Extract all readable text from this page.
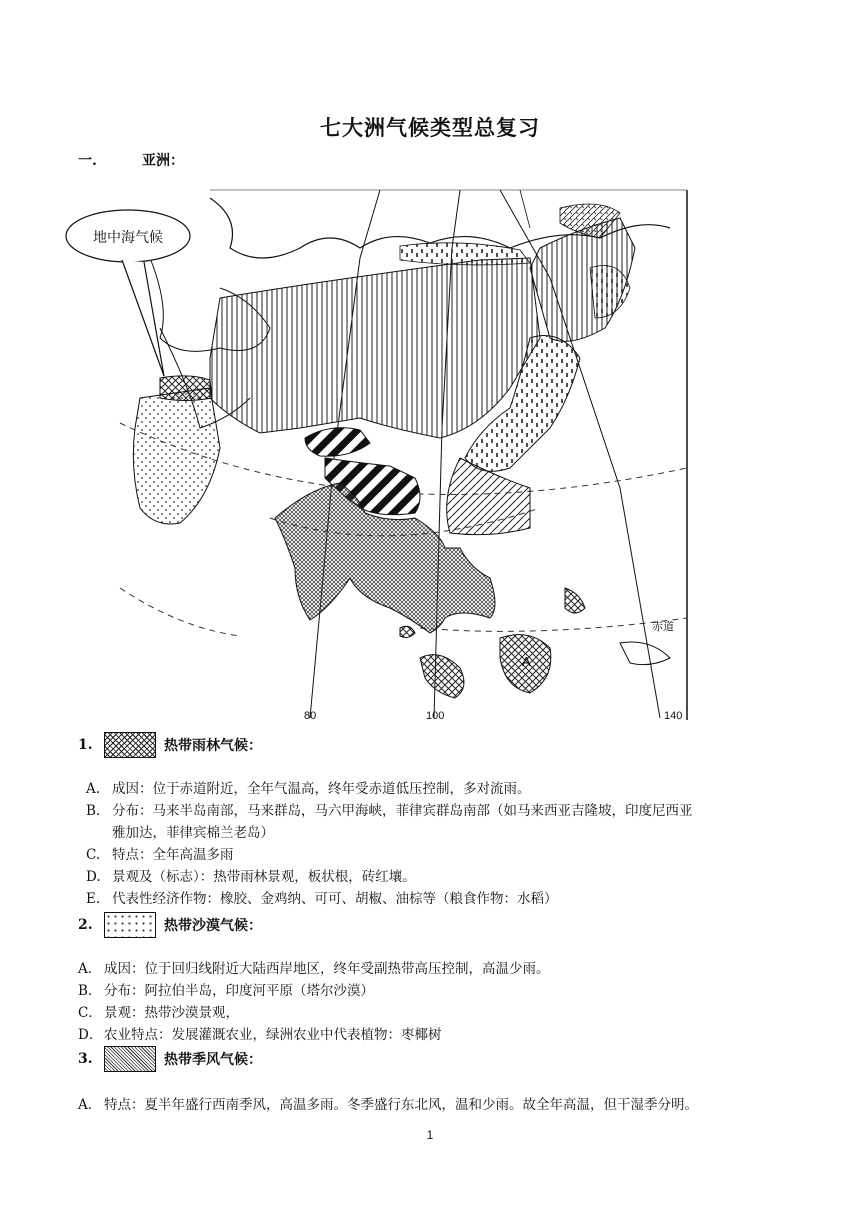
七大洲气候类型总复习
一.	亚洲：
地中海气候
80	100	140
赤道
A
1.	热带雨林气候：
A. 成因：位于赤道附近，全年气温高，终年受赤道低压控制，多对流雨。
B. 分布：马来半岛南部，马来群岛，马六甲海峡，菲律宾群岛南部（如马来西亚吉隆坡，印度尼西亚
雅加达，菲律宾棉兰老岛）
C. 特点：全年高温多雨
D. 景观及（标志）：热带雨林景观，板状根，砖红壤。
E. 代表性经济作物：橡胶、金鸡纳、可可、胡椒、油棕等（粮食作物：水稻）
2.	热带沙漠气候：
A． 成因：位于回归线附近大陆西岸地区，终年受副热带高压控制，高温少雨。
B． 分布：阿拉伯半岛，印度河平原（塔尔沙漠）
C． 景观：热带沙漠景观，
D． 农业特点：发展灌溉农业，绿洲农业中代表植物：枣椰树
3.	热带季风气候：
A． 特点：夏半年盛行西南季风，高温多雨。冬季盛行东北风，温和少雨。故全年高温，但干湿季分明。
1
